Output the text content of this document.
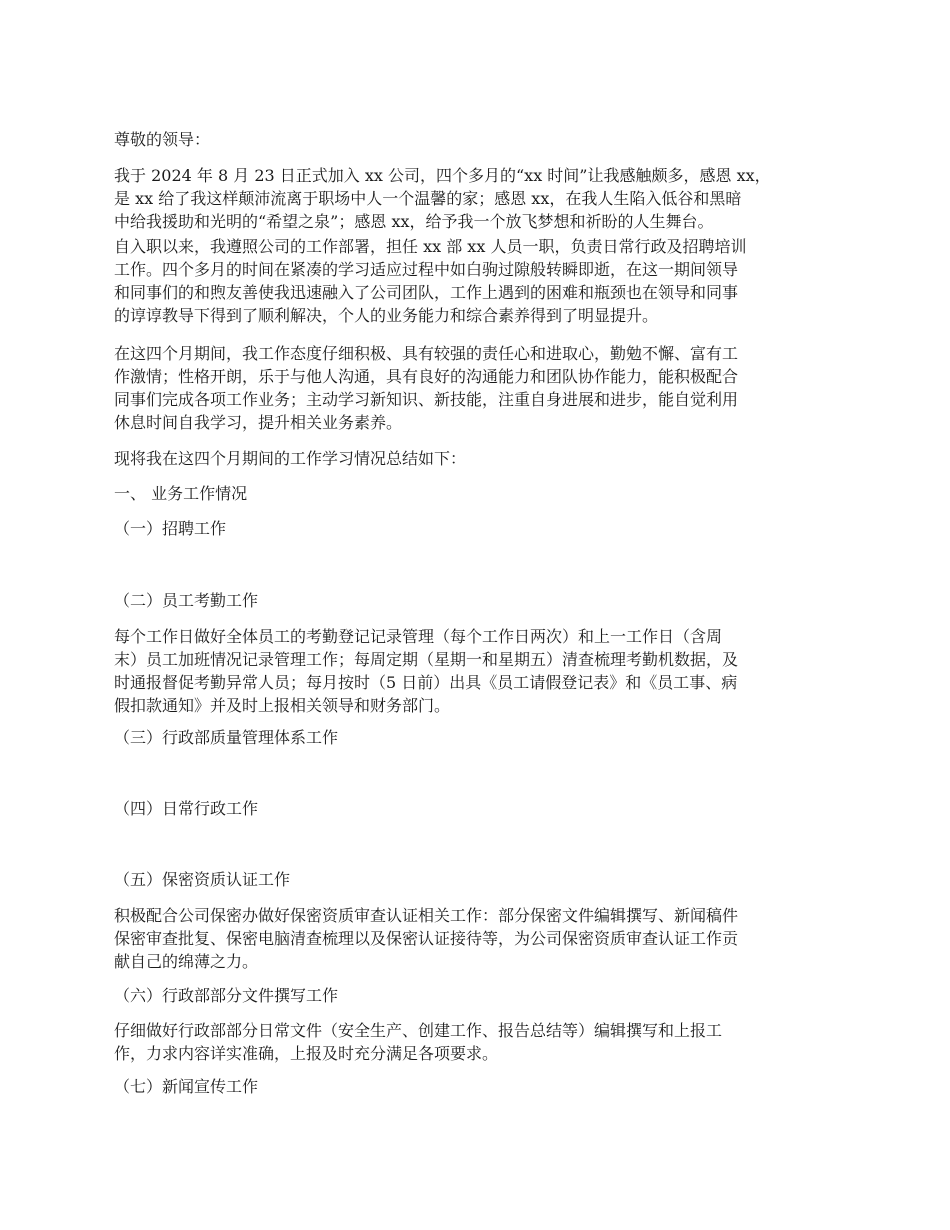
尊敬的领导：

我于 2024 年 8 月 23 日正式加入 xx 公司，四个多月的“xx 时间”让我感触颇多，感恩 xx，
是 xx 给了我这样颠沛流离于职场中人一个温馨的家；感恩 xx，在我人生陷入低谷和黑暗
中给我援助和光明的“希望之泉”；感恩 xx，给予我一个放飞梦想和祈盼的人生舞台。

自入职以来，我遵照公司的工作部署，担任 xx 部 xx 人员一职，负责日常行政及招聘培训
工作。四个多月的时间在紧凑的学习适应过程中如白驹过隙般转瞬即逝，在这一期间领导
和同事们的和煦友善使我迅速融入了公司团队，工作上遇到的困难和瓶颈也在领导和同事
的谆谆教导下得到了顺利解决，个人的业务能力和综合素养得到了明显提升。

在这四个月期间，我工作态度仔细积极、具有较强的责任心和进取心，勤勉不懈、富有工
作激情；性格开朗，乐于与他人沟通，具有良好的沟通能力和团队协作能力，能积极配合
同事们完成各项工作业务；主动学习新知识、新技能，注重自身进展和进步，能自觉利用
休息时间自我学习，提升相关业务素养。

现将我在这四个月期间的工作学习情况总结如下：

一、 业务工作情况

（一）招聘工作

（二）员工考勤工作

每个工作日做好全体员工的考勤登记记录管理（每个工作日两次）和上一工作日（含周
末）员工加班情况记录管理工作；每周定期（星期一和星期五）清查梳理考勤机数据，及
时通报督促考勤异常人员；每月按时（5 日前）出具《员工请假登记表》和《员工事、病
假扣款通知》并及时上报相关领导和财务部门。

（三）行政部质量管理体系工作

（四）日常行政工作

（五）保密资质认证工作

积极配合公司保密办做好保密资质审查认证相关工作：部分保密文件编辑撰写、新闻稿件
保密审查批复、保密电脑清查梳理以及保密认证接待等，为公司保密资质审查认证工作贡
献自己的绵薄之力。

（六）行政部部分文件撰写工作

仔细做好行政部部分日常文件（安全生产、创建工作、报告总结等）编辑撰写和上报工
作，力求内容详实准确，上报及时充分满足各项要求。

（七）新闻宣传工作
